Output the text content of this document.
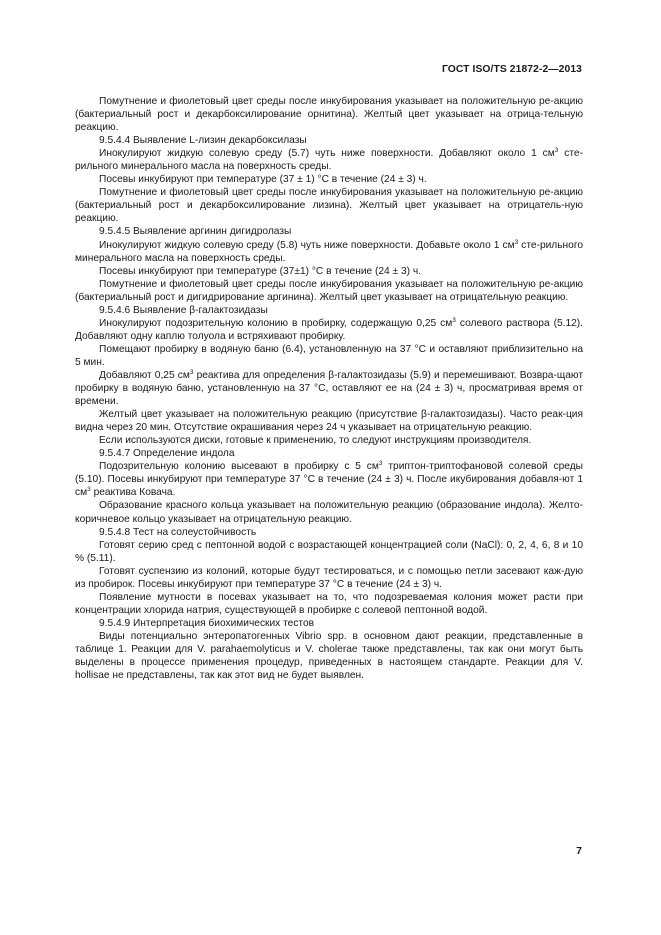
ГОСТ ISO/TS 21872-2—2013

Помутнение и фиолетовый цвет среды после инкубирования указывает на положительную ре-акцию (бактериальный рост и декарбоксилирование орнитина). Желтый цвет указывает на отрица-тельную реакцию.

9.5.4.4 Выявление L-лизин декарбоксилазы

Инокулируют жидкую солевую среду (5.7) чуть ниже поверхности. Добавляют около 1 $см^3$ сте-рильного минерального масла на поверхность среды.

Посевы инкубируют при температуре (37 ± 1) °С в течение (24 ± 3) ч.

Помутнение и фиолетовый цвет среды после инкубирования указывает на положительную ре-акцию (бактериальный рост и декарбоксилирование лизина). Желтый цвет указывает на отрицатель-ную реакцию.

9.5.4.5 Выявление аргинин дигидролазы

Инокулируют жидкую солевую среду (5.8) чуть ниже поверхности. Добавьте около 1 $см^3$ сте-рильного минерального масла на поверхность среды.

Посевы инкубируют при температуре (37±1) °С в течение (24 ± 3) ч.

Помутнение и фиолетовый цвет среды после инкубирования указывает на положительную ре-акцию (бактериальный рост и дигидрирование аргинина). Желтый цвет указывает на отрицательную реакцию.

9.5.4.6 Выявление β-галактозидазы

Инокулируют подозрительную колонию в пробирку, содержащую 0,25 $см^3$ солевого раствора (5.12). Добавляют одну каплю толуола и встряхивают пробирку.

Помещают пробирку в водяную баню (6.4), установленную на 37 °С и оставляют приблизительно на 5 мин.

Добавляют 0,25 $см^3$ реактива для определения β-галактозидазы (5.9) и перемешивают. Возвра-щают пробирку в водяную баню, установленную на 37 °С, оставляют ее на (24 ± 3) ч, просматривая время от времени.

Желтый цвет указывает на положительную реакцию (присутствие β-галактозидазы). Часто реак-ция видна через 20 мин. Отсутствие окрашивания через 24 ч указывает на отрицательную реакцию.

Если используются диски, готовые к применению, то следуют инструкциям производителя.

9.5.4.7 Определение индола

Подозрительную колонию высевают в пробирку с 5 $см^3$ триптон-триптофановой солевой среды (5.10). Посевы инкубируют при температуре 37 °С в течение (24 ± 3) ч. После икубирования добавля-ют 1 $см^3$ реактива Ковача.

Образование красного кольца указывает на положительную реакцию (образование индола). Желто-коричневое кольцо указывает на отрицательную реакцию.

9.5.4.8 Тест на солеустойчивость

Готовят серию сред с пептонной водой с возрастающей концентрацией соли (NaCl): 0, 2, 4, 6, 8 и 10 % (5.11).

Готовят суспензию из колоний, которые будут тестироваться, и с помощью петли засевают каж-дую из пробирок. Посевы инкубируют при температуре 37 °С в течение (24 ± 3) ч.

Появление мутности в посевах указывает на то, что подозреваемая колония может расти при концентрации хлорида натрия, существующей в пробирке с солевой пептонной водой.

9.5.4.9 Интерпретация биохимических тестов

Виды потенциально энтеропатогенных Vibrio spp. в основном дают реакции, представленные в таблице 1. Реакции для V. parahaemolyticus и V. cholerae также представлены, так как они могут быть выделены в процессе применения процедур, приведенных в настоящем стандарте. Реакции для V. hollisae не представлены, так как этот вид не будет выявлен.

7
